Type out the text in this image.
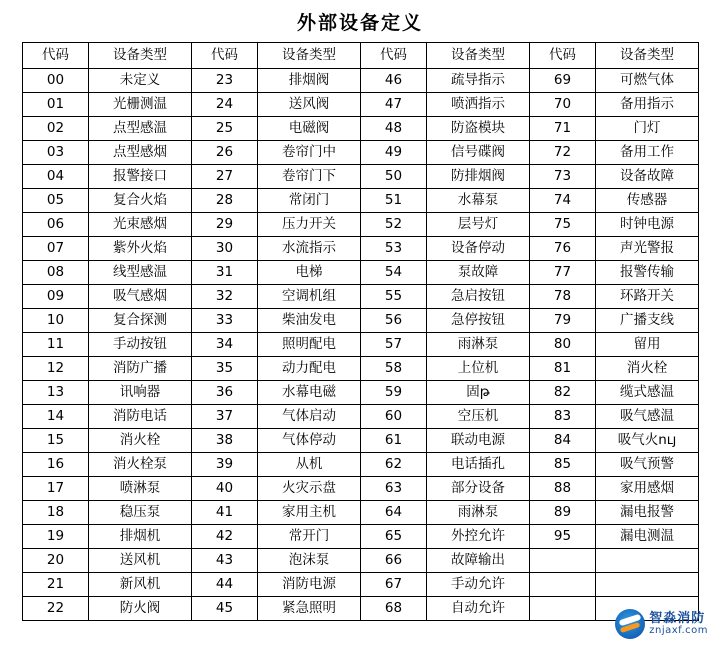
外部设备定义
代码	设备类型	代码	设备类型	代码	设备类型	代码	设备类型
00	未定义	23	排烟阀	46	疏导指示	69	可燃气体
01	光栅测温	24	送风阀	47	喷洒指示	70	备用指示
02	点型感温	25	电磁阀	48	防盗模块	71	门灯
03	点型感烟	26	卷帘门中	49	信号碟阀	72	备用工作
04	报警接口	27	卷帘门下	50	防排烟阀	73	设备故障
05	复合火焰	28	常闭门	51	水幕泵	74	传感器
06	光束感烟	29	压力开关	52	层号灯	75	时钟电源
07	紫外火焰	30	水流指示	53	设备停动	76	声光警报
08	线型感温	31	电梯	54	泵故障	77	报警传输
09	吸气感烟	32	空调机组	55	急启按钮	78	环路开关
10	复合探测	33	柴油发电	56	急停按钮	79	广播支线
11	手动按钮	34	照明配电	57	雨淋泵	80	留用
12	消防广播	35	动力配电	58	上位机	81	消火栓
13	讯响器	36	水幕电磁	59	固թ	82	缆式感温
14	消防电话	37	气体启动	60	空压机	83	吸气感温
15	消火栓	38	气体停动	61	联动电源	84	吸气火ույ
16	消火栓泵	39	从机	62	电话插孔	85	吸气预警
17	喷淋泵	40	火灾示盘	63	部分设备	88	家用感烟
18	稳压泵	41	家用主机	64	雨淋泵	89	漏电报警
19	排烟机	42	常开门	65	外控允许	95	漏电测温
20	送风机	43	泡沫泵	66	故障输出		
21	新风机	44	消防电源	67	手动允许		
22	防火阀	45	紧急照明	68	自动允许		
智淼消防
znjaxf.com
